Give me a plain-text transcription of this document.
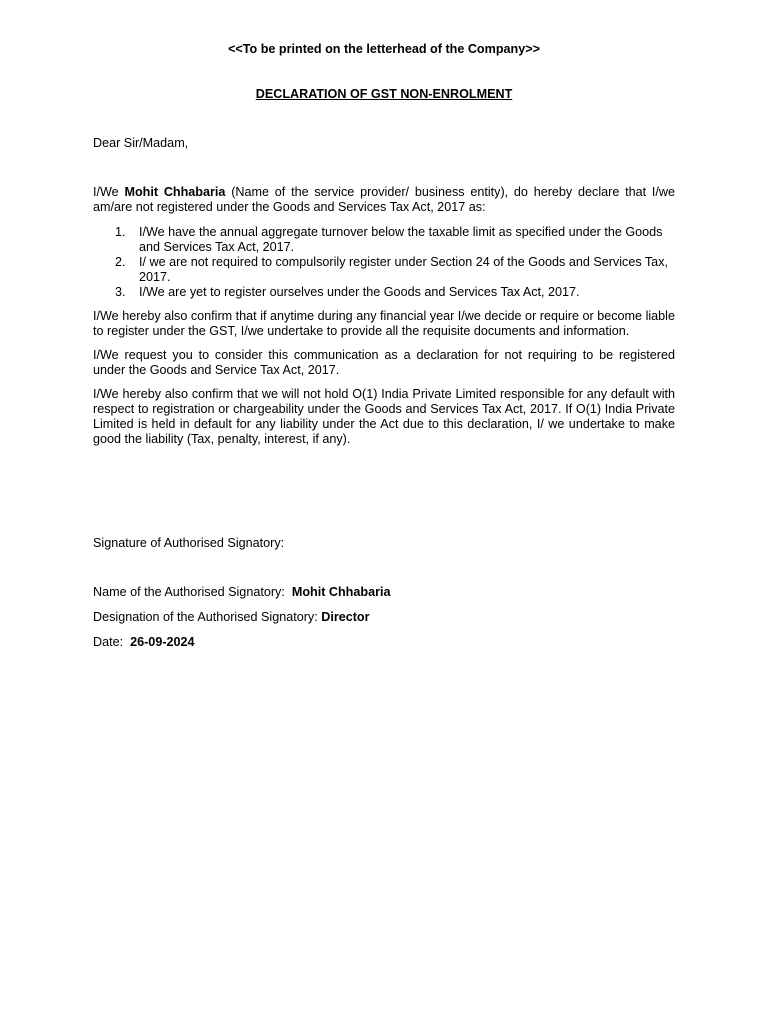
<<To be printed on the letterhead of the Company>>
DECLARATION OF GST NON-ENROLMENT
Dear Sir/Madam,

I/We Mohit Chhabaria (Name of the service provider/ business entity), do hereby declare that I/we am/are not registered under the Goods and Services Tax Act, 2017 as:

1. I/We have the annual aggregate turnover below the taxable limit as specified under the Goods and Services Tax Act, 2017.
2. I/ we are not required to compulsorily register under Section 24 of the Goods and Services Tax, 2017.
3. I/We are yet to register ourselves under the Goods and Services Tax Act, 2017.

I/We hereby also confirm that if anytime during any financial year I/we decide or require or become liable to register under the GST, I/we undertake to provide all the requisite documents and information.

I/We request you to consider this communication as a declaration for not requiring to be registered under the Goods and Service Tax Act, 2017.

I/We hereby also confirm that we will not hold O(1) India Private Limited responsible for any default with respect to registration or chargeability under the Goods and Services Tax Act, 2017. If O(1) India Private Limited is held in default for any liability under the Act due to this declaration, I/ we undertake to make good the liability (Tax, penalty, interest, if any).

Signature of Authorised Signatory:
Name of the Authorised Signatory: Mohit Chhabaria
Designation of the Authorised Signatory: Director
Date: 26-09-2024
